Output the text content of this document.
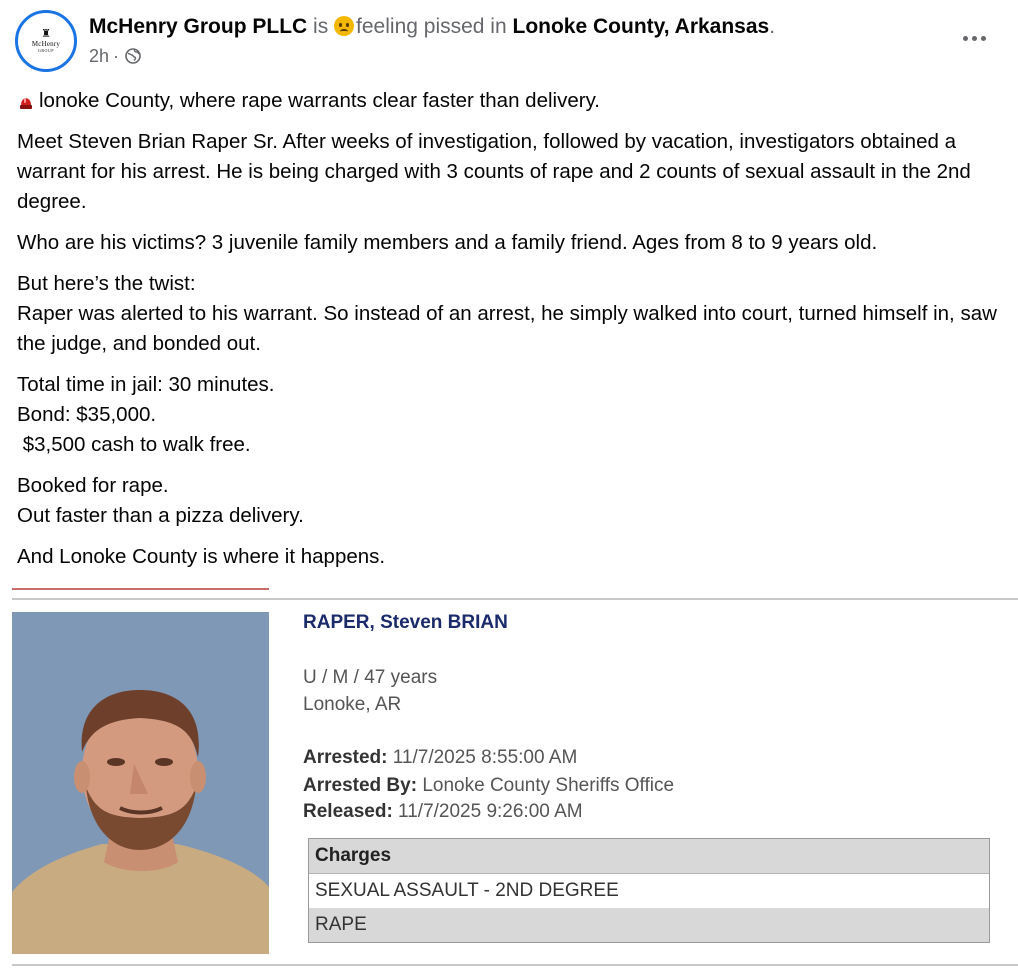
♜
McHenry
GROUP
McHenry Group PLLC is feeling pissed in Lonoke County, Arkansas.
2h ·

lonoke County, where rape warrants clear faster than delivery.

Meet Steven Brian Raper Sr. After weeks of investigation, followed by vacation, investigators obtained a warrant for his arrest. He is being charged with 3 counts of rape and 2 counts of sexual assault in the 2nd degree.

Who are his victims? 3 juvenile family members and a family friend. Ages from 8 to 9 years old.

But here’s the twist:
Raper was alerted to his warrant. So instead of an arrest, he simply walked into court, turned himself in, saw the judge, and bonded out.

Total time in jail: 30 minutes.
Bond: $35,000.
$3,500 cash to walk free.

Booked for rape.
Out faster than a pizza delivery.

And Lonoke County is where it happens.

RAPER, Steven BRIAN
U / M / 47 years
Lonoke, AR
Arrested: 11/7/2025 8:55:00 AM
Arrested By: Lonoke County Sheriffs Office
Released: 11/7/2025 9:26:00 AM
Charges
SEXUAL ASSAULT - 2ND DEGREE
RAPE
